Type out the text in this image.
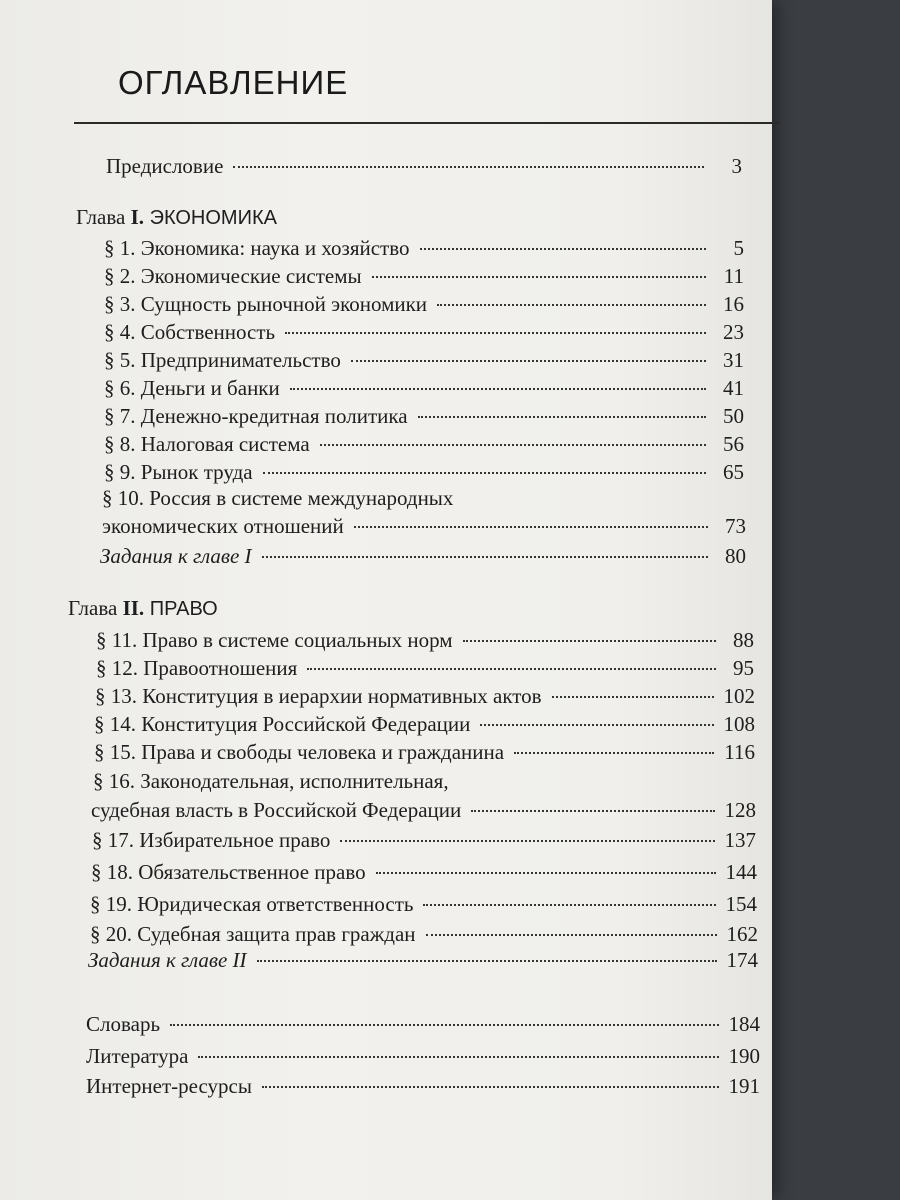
ОГЛАВЛЕНИЕ
Предисловие	3
Глава I. ЭКОНОМИКА
§ 1. Экономика: наука и хозяйство	5
§ 2. Экономические системы	11
§ 3. Сущность рыночной экономики	16
§ 4. Собственность	23
§ 5. Предпринимательство	31
§ 6. Деньги и банки	41
§ 7. Денежно-кредитная политика	50
§ 8. Налоговая система	56
§ 9. Рынок труда	65
§ 10. Россия в системе международных
экономических отношений	73
Задания к главе I	80
Глава II. ПРАВО
§ 11. Право в системе социальных норм	88
§ 12. Правоотношения	95
§ 13. Конституция в иерархии нормативных актов	102
§ 14. Конституция Российской Федерации	108
§ 15. Права и свободы человека и гражданина	116
§ 16. Законодательная, исполнительная,
судебная власть в Российской Федерации	128
§ 17. Избирательное право	137
§ 18. Обязательственное право	144
§ 19. Юридическая ответственность	154
§ 20. Судебная защита прав граждан	162
Задания к главе II	174
Словарь	184
Литература	190
Интернет-ресурсы	191
